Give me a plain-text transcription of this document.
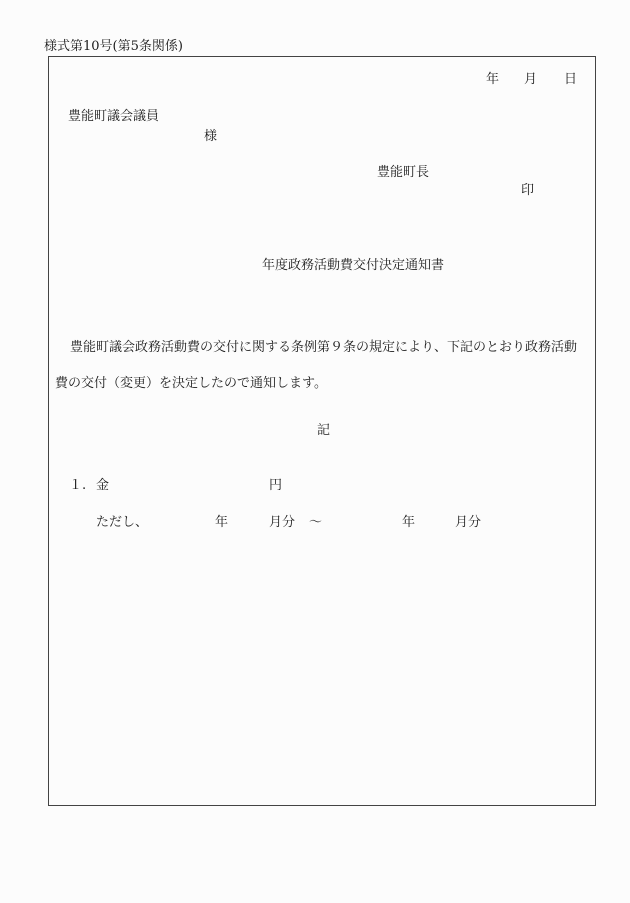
様式第10号(第5条関係)
年 月 日
豊能町議会議員
様
豊能町長
印
年度政務活動費交付決定通知書
豊能町議会政務活動費の交付に関する条例第９条の規定により、下記のとおり政務活動
費の交付（変更）を決定したので通知します。
記
１. 金	円
ただし、	年	月分 ～	年	月分
